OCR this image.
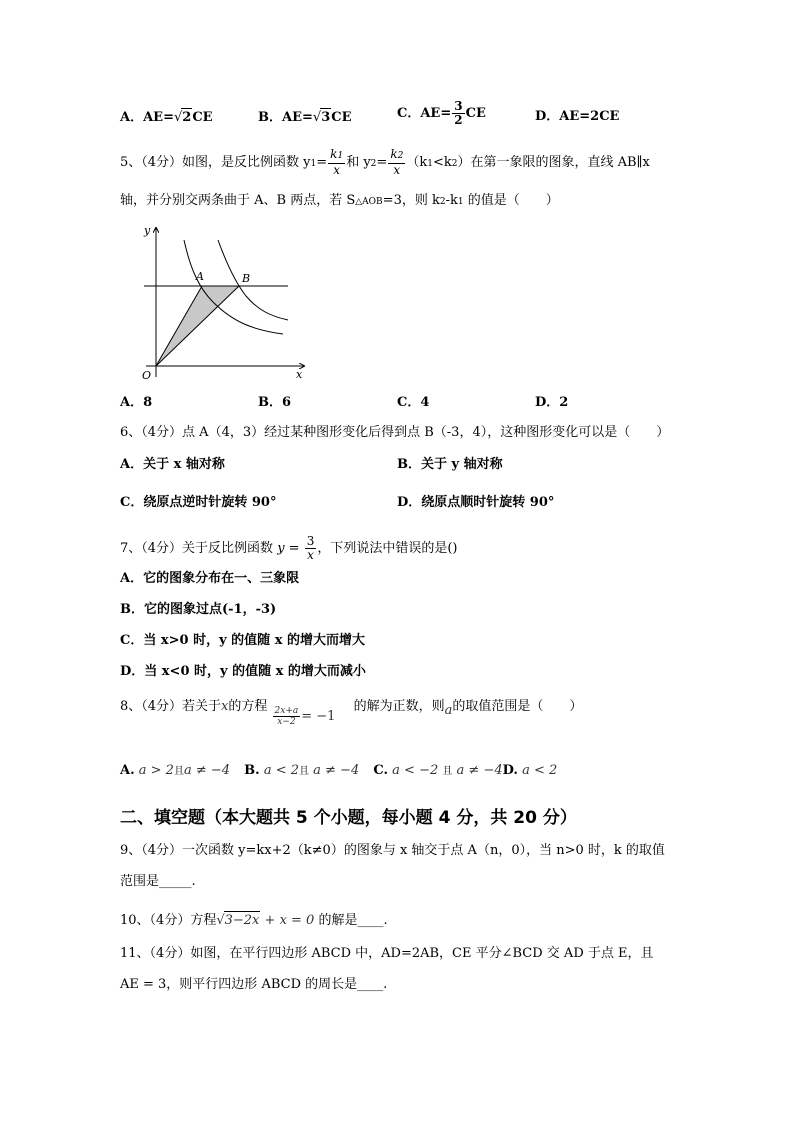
A．AE=√2CE	B．AE=√3CE	C．$AE= \frac{3}{2}$ CE	D．AE=2CE
5、（4分）如图，是反比例函数 $y1= \frac{k1}{x}$ 和 $y2= \frac{k2}{x} (k1<k2)$在第一象限的图象，直线 AB∥x
轴，并分别交两条曲于 A、B 两点，若 S△AOB=3，则 k2-k1 的值是（　　）
y
x
O
A	B
A．8	B．6	C．4	D．2
6、（4分）点 A（4，3）经过某种图形变化后得到点 B（-3，4），这种图形变化可以是（　　）
A．关于 x 轴对称	B．关于 y 轴对称
C．绕原点逆时针旋转 90°	D．绕原点顺时针旋转 90°
7、（4分）关于反比例函数 $y = \frac{3}{x}$ ，下列说法中错误的是()
A．它的图象分布在一、三象限
B．它的图象过点(-1，-3)
C．当 x>0 时，y 的值随 x 的增大而增大
D．当 x<0 时，y 的值随 x 的增大而减小
8、（4分）若关于x的方程 $\frac{2x+a}{x-2} = -1$ 的解为正数，则a的取值范围是（　　）
A. a > 2且a ≠ −4 B. a < 2且 a ≠ −4 C. a < −2 且 a ≠ −4D. a < 2
二、填空题（本大题共 5 个小题，每小题 4 分，共 20 分）
9、（4分）一次函数 y=kx+2（k≠0）的图象与 x 轴交于点 A（n，0），当 n>0 时，k 的取值
范围是_____.
10、（4分）方程√3−2x + x = 0 的解是____.
11、（4分）如图，在平行四边形 ABCD 中，AD=2AB，CE 平分∠BCD 交 AD 于点 E，且
AE = 3，则平行四边形 ABCD 的周长是____.
